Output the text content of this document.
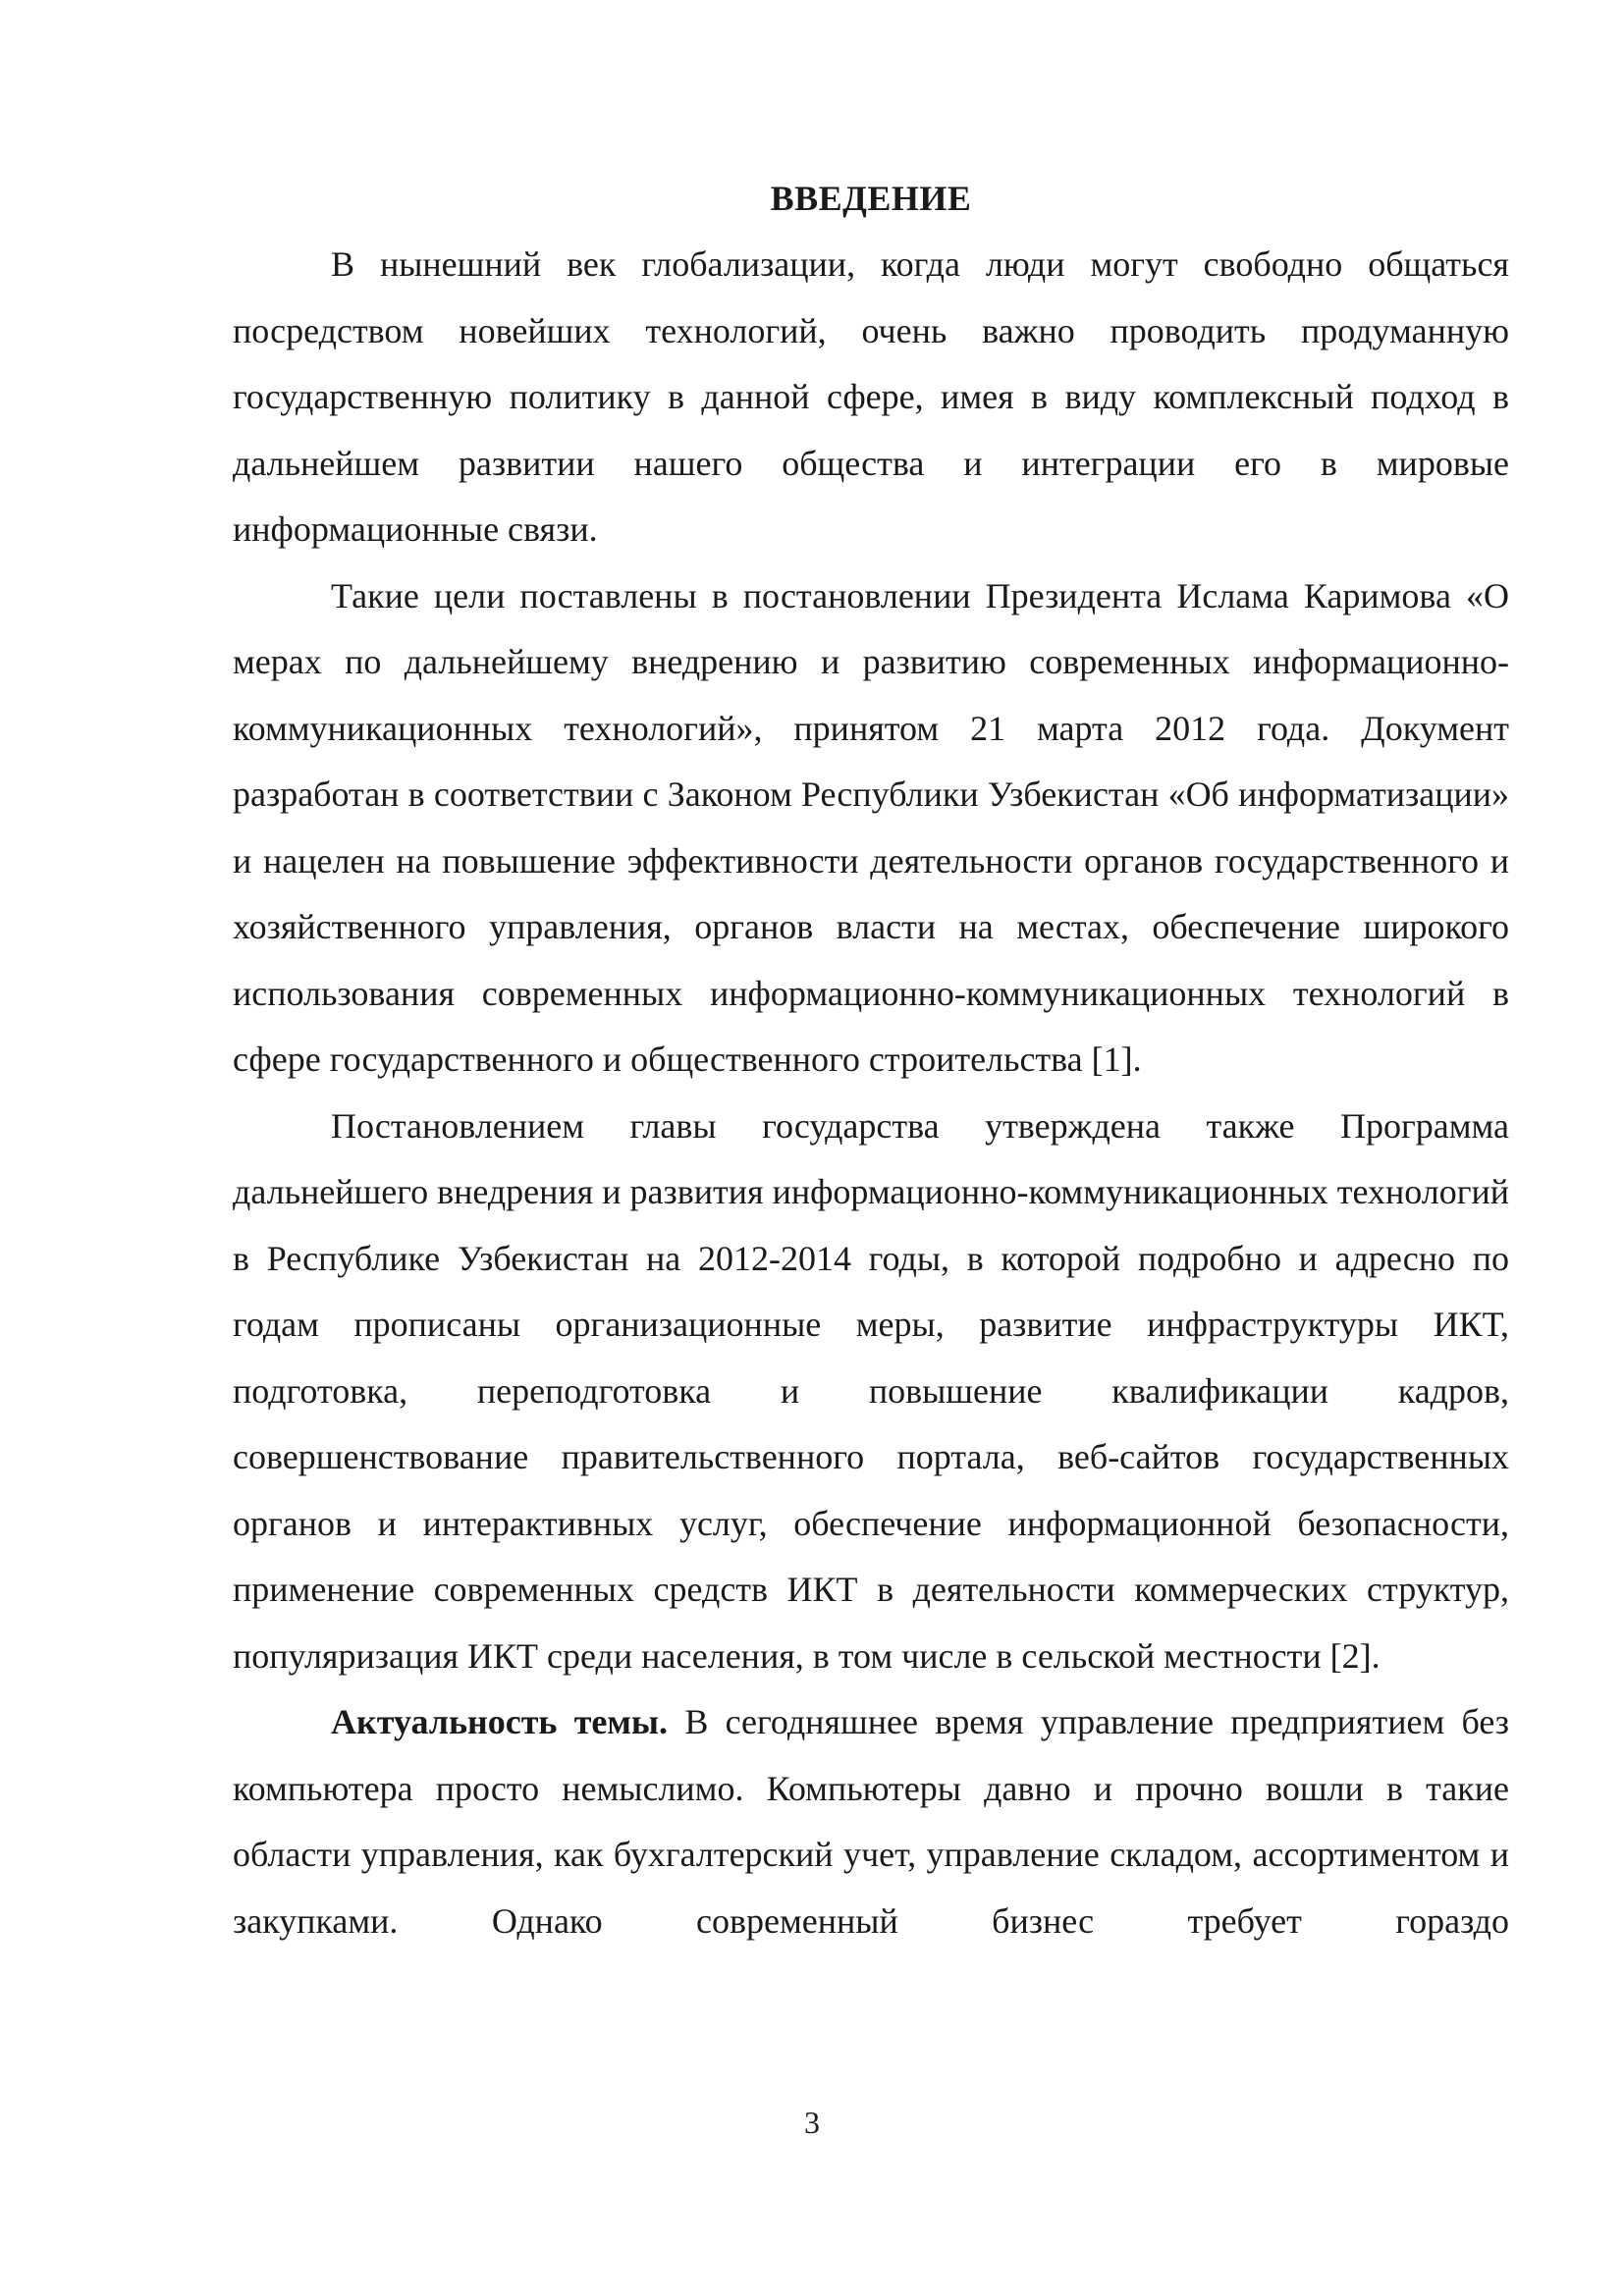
ВВЕДЕНИЕ

В нынешний век глобализации, когда люди могут свободно общаться посредством новейших технологий, очень важно проводить продуманную государственную политику в данной сфере, имея в виду комплексный подход в дальнейшем развитии нашего общества и интеграции его в мировые информационные связи.

Такие цели поставлены в постановлении Президента Ислама Каримова «О мерах по дальнейшему внедрению и развитию современных информационно-коммуникационных технологий», принятом 21 марта 2012 года. Документ разработан в соответствии с Законом Республики Узбекистан «Об информатизации» и нацелен на повышение эффективности деятельности органов государственного и хозяйственного управления, органов власти на местах, обеспечение широкого использования современных информационно-коммуникационных технологий в сфере государственного и общественного строительства [1].

Постановлением главы государства утверждена также Программа дальнейшего внедрения и развития информационно-коммуникационных технологий в Республике Узбекистан на 2012-2014 годы, в которой подробно и адресно по годам прописаны организационные меры, развитие инфраструктуры ИКТ, подготовка, переподготовка и повышение квалификации кадров, совершенствование правительственного портала, веб-сайтов государственных органов и интерактивных услуг, обеспечение информационной безопасности, применение современных средств ИКТ в деятельности коммерческих структур, популяризация ИКТ среди населения, в том числе в сельской местности [2].

Актуальность темы. В сегодняшнее время управление предприятием без компьютера просто немыслимо. Компьютеры давно и прочно вошли в такие области управления, как бухгалтерский учет, управление складом, ассортиментом и закупками. Однако современный бизнес требует гораздо

3
